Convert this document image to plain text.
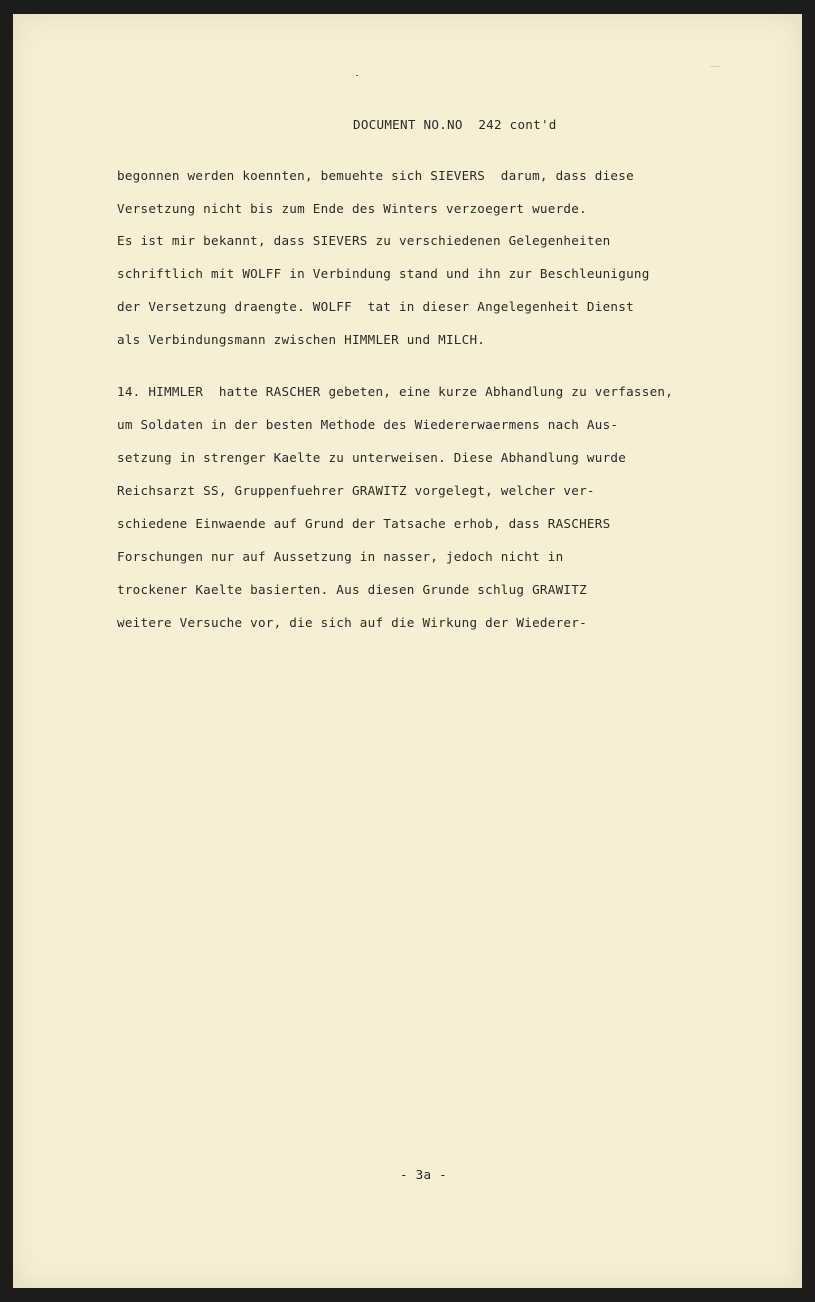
DOCUMENT NO.NO  242 cont'd
begonnen werden koennten, bemuehte sich SIEVERS  darum, dass diese
Versetzung nicht bis zum Ende des Winters verzoegert wuerde.
Es ist mir bekannt, dass SIEVERS zu verschiedenen Gelegenheiten
schriftlich mit WOLFF in Verbindung stand und ihn zur Beschleunigung
der Versetzung draengte. WOLFF  tat in dieser Angelegenheit Dienst
als Verbindungsmann zwischen HIMMLER und MILCH.
14. HIMMLER  hatte RASCHER gebeten, eine kurze Abhandlung zu verfassen,
um Soldaten in der besten Methode des Wiedererwaermens nach Aus-
setzung in strenger Kaelte zu unterweisen. Diese Abhandlung wurde
Reichsarzt SS, Gruppenfuehrer GRAWITZ vorgelegt, welcher ver-
schiedene Einwaende auf Grund der Tatsache erhob, dass RASCHERS
Forschungen nur auf Aussetzung in nasser, jedoch nicht in
trockener Kaelte basierten. Aus diesen Grunde schlug GRAWITZ
weitere Versuche vor, die sich auf die Wirkung der Wiederer-
- 3a -
